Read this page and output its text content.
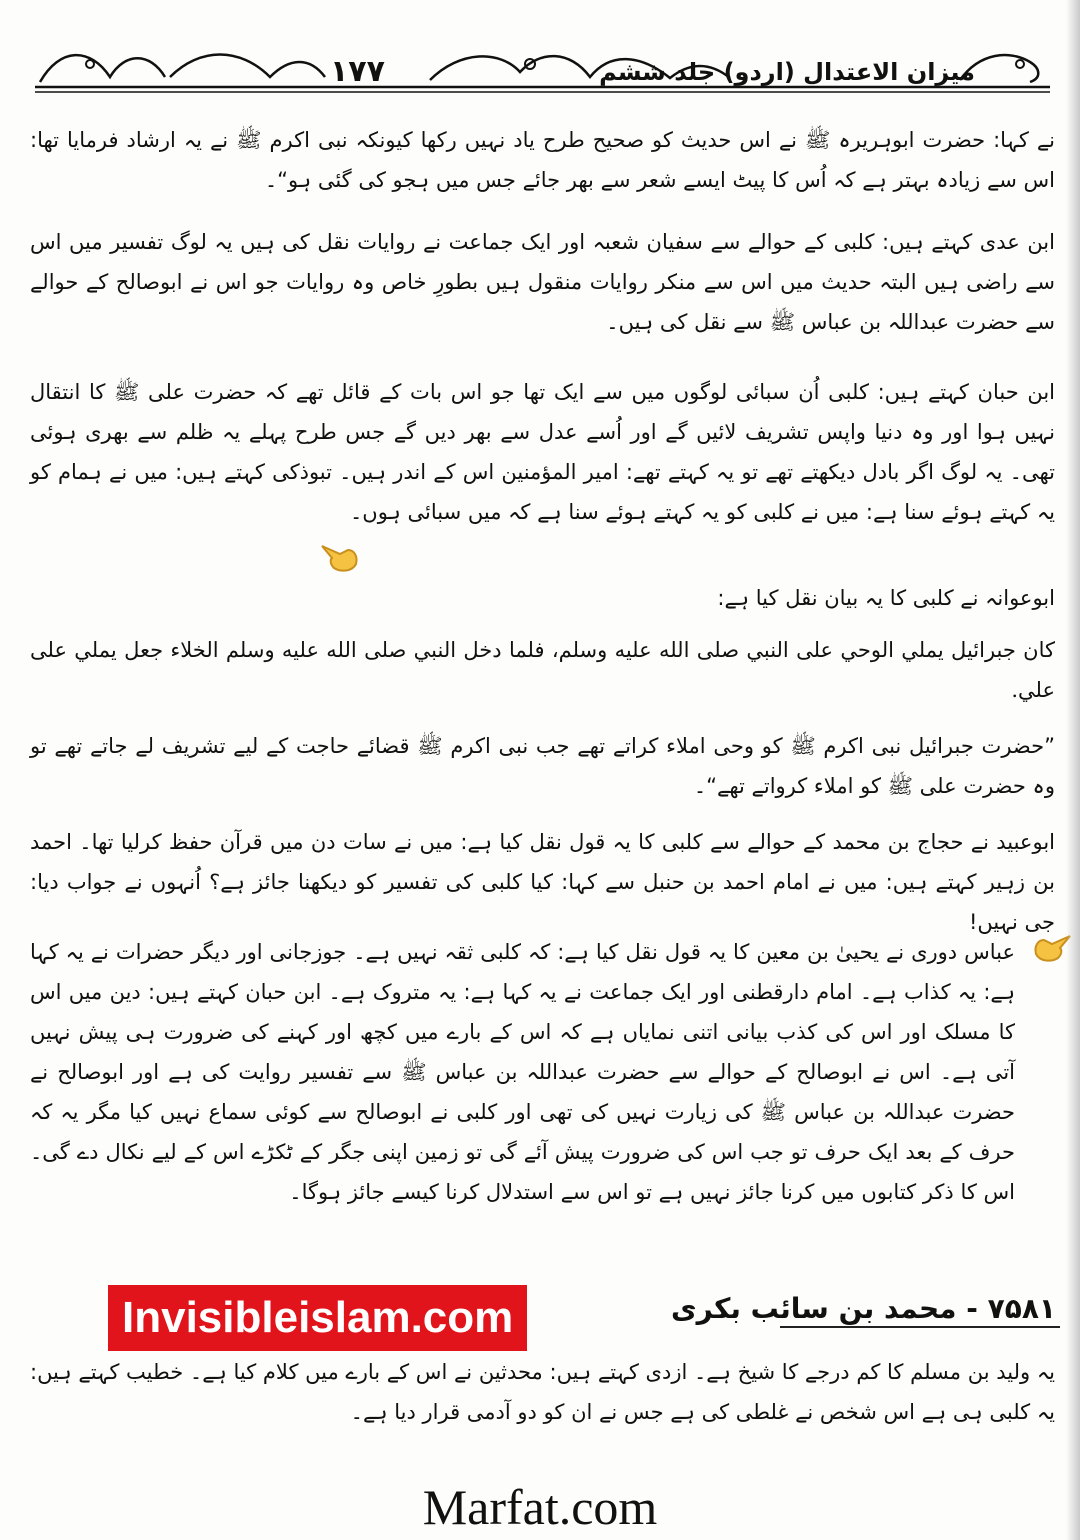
میزان الاعتدال (اردو) جلد ششم
۱۷۷

نے کہا: حضرت ابوہریرہ ﷺ نے اس حدیث کو صحیح طرح یاد نہیں رکھا کیونکہ نبی اکرم ﷺ نے یہ ارشاد فرمایا تھا: اس سے زیادہ بہتر ہے کہ اُس کا پیٹ ایسے شعر سے بھر جائے جس میں ہجو کی گئی ہو“۔

ابن عدی کہتے ہیں: کلبی کے حوالے سے سفیان شعبہ اور ایک جماعت نے روایات نقل کی ہیں یہ لوگ تفسیر میں اس سے راضی ہیں البتہ حدیث میں اس سے منکر روایات منقول ہیں بطورِ خاص وہ روایات جو اس نے ابوصالح کے حوالے سے حضرت عبداللہ بن عباس ﷺ سے نقل کی ہیں۔

ابن حبان کہتے ہیں: کلبی اُن سبائی لوگوں میں سے ایک تھا جو اس بات کے قائل تھے کہ حضرت علی ﷺ کا انتقال نہیں ہوا اور وہ دنیا واپس تشریف لائیں گے اور اُسے عدل سے بھر دیں گے جس طرح پہلے یہ ظلم سے بھری ہوئی تھی۔ یہ لوگ اگر بادل دیکھتے تھے تو یہ کہتے تھے: امیر المؤمنین اس کے اندر ہیں۔ تبوذکی کہتے ہیں: میں نے ہمام کو یہ کہتے ہوئے سنا ہے: میں نے کلبی کو یہ کہتے ہوئے سنا ہے کہ میں سبائی ہوں۔

ابوعوانہ نے کلبی کا یہ بیان نقل کیا ہے:

كان جبرائيل يملي الوحي على النبي صلى الله عليه وسلم، فلما دخل النبي صلى الله عليه وسلم الخلاء جعل يملي على علي.

”حضرت جبرائیل نبی اکرم ﷺ کو وحی املاء کراتے تھے جب نبی اکرم ﷺ قضائے حاجت کے لیے تشریف لے جاتے تھے تو وہ حضرت علی ﷺ کو املاء کرواتے تھے“۔

ابوعبید نے حجاج بن محمد کے حوالے سے کلبی کا یہ قول نقل کیا ہے: میں نے سات دن میں قرآن حفظ کرلیا تھا۔ احمد بن زہیر کہتے ہیں: میں نے امام احمد بن حنبل سے کہا: کیا کلبی کی تفسیر کو دیکھنا جائز ہے؟ اُنہوں نے جواب دیا: جی نہیں!

عباس دوری نے یحییٰ بن معین کا یہ قول نقل کیا ہے: کہ کلبی ثقہ نہیں ہے۔ جوزجانی اور دیگر حضرات نے یہ کہا ہے: یہ کذاب ہے۔ امام دارقطنی اور ایک جماعت نے یہ کہا ہے: یہ متروک ہے۔ ابن حبان کہتے ہیں: دین میں اس کا مسلک اور اس کی کذب بیانی اتنی نمایاں ہے کہ اس کے بارے میں کچھ اور کہنے کی ضرورت ہی پیش نہیں آتی ہے۔ اس نے ابوصالح کے حوالے سے حضرت عبداللہ بن عباس ﷺ سے تفسیر روایت کی ہے اور ابوصالح نے حضرت عبداللہ بن عباس ﷺ کی زیارت نہیں کی تھی اور کلبی نے ابوصالح سے کوئی سماع نہیں کیا مگر یہ کہ حرف کے بعد ایک حرف تو جب اس کی ضرورت پیش آئے گی تو زمین اپنی جگر کے ٹکڑے اس کے لیے نکال دے گی۔ اس کا ذکر کتابوں میں کرنا جائز نہیں ہے تو اس سے استدلال کرنا کیسے جائز ہوگا۔

Invisibleislam.com	۷۵۸۱ - محمد بن سائب بکری

یہ ولید بن مسلم کا کم درجے کا شیخ ہے۔ ازدی کہتے ہیں: محدثین نے اس کے بارے میں کلام کیا ہے۔ خطیب کہتے ہیں: یہ کلبی ہی ہے اس شخص نے غلطی کی ہے جس نے ان کو دو آدمی قرار دیا ہے۔

Marfat.com
